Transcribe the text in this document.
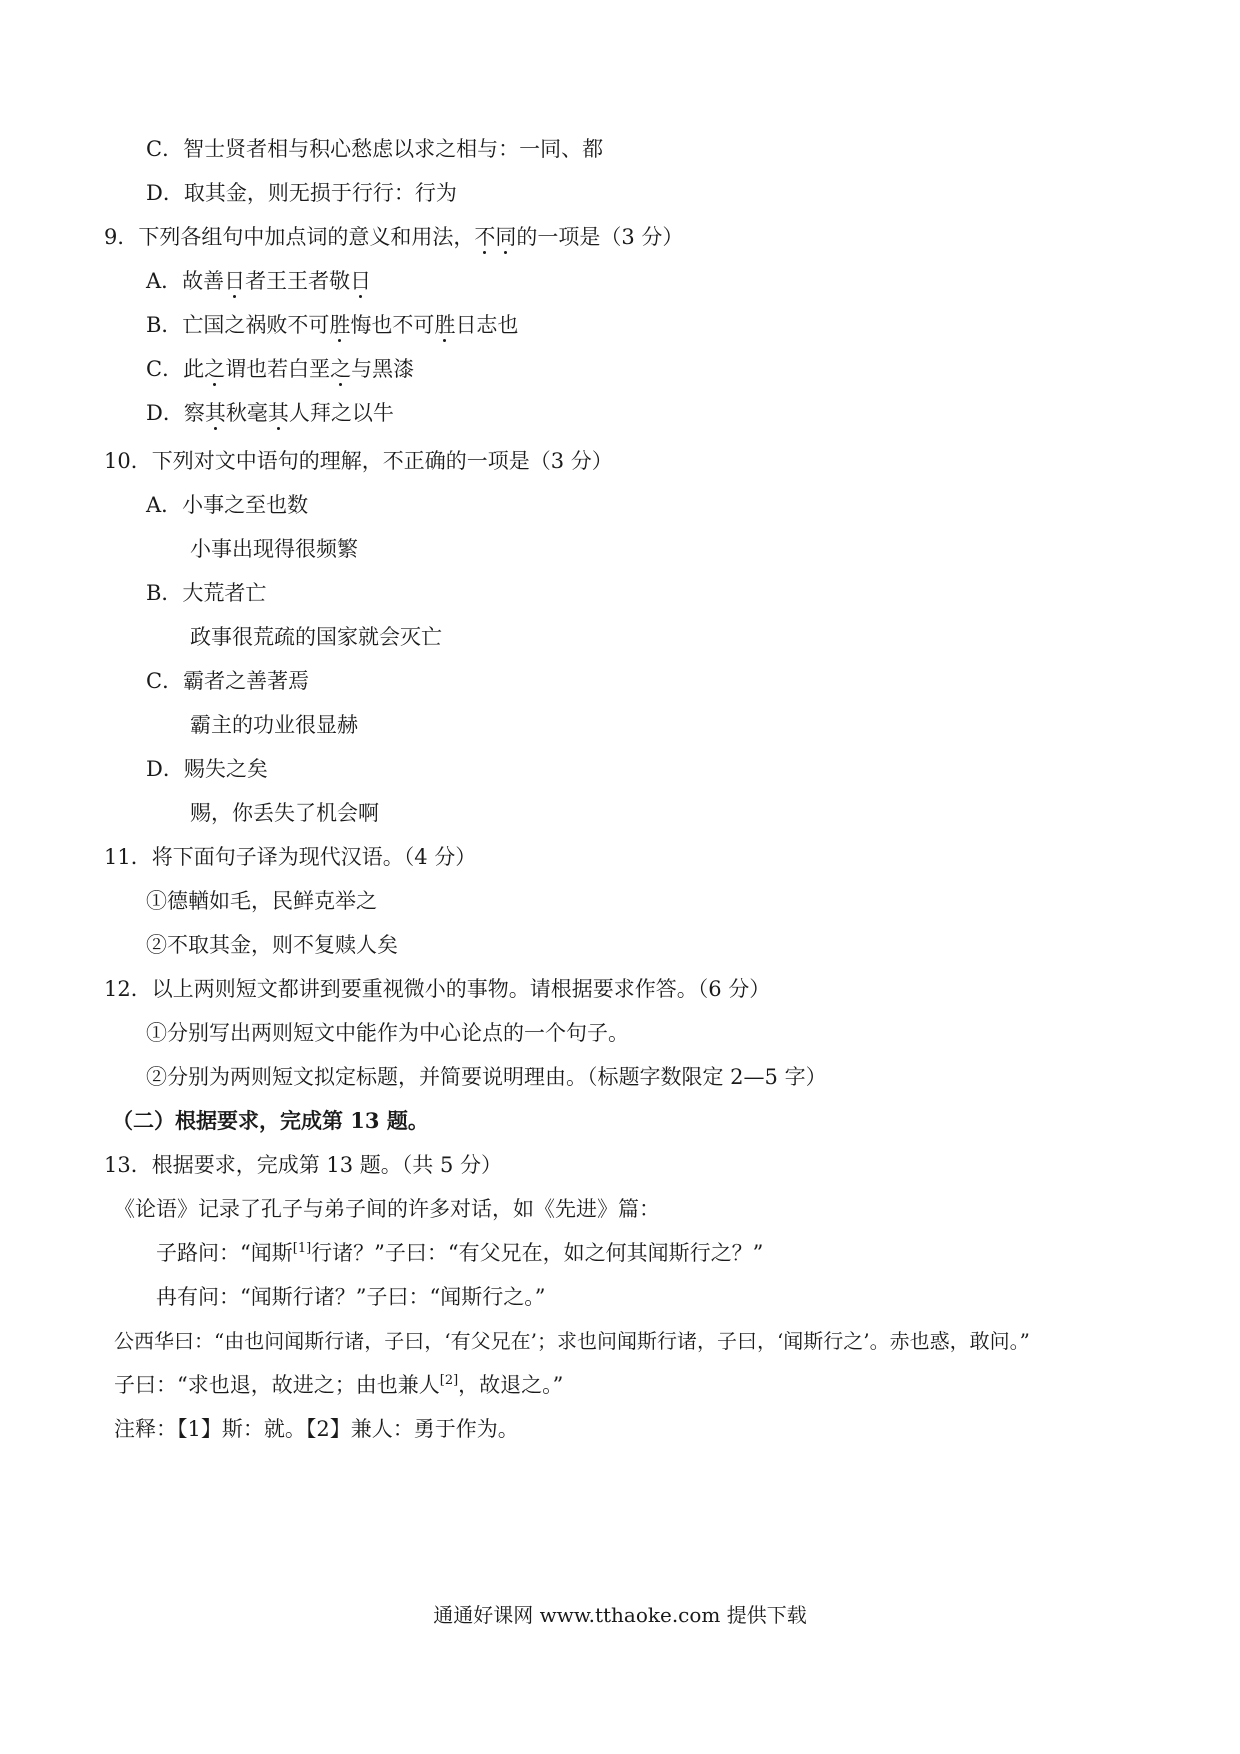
C．智士贤者相与积心愁虑以求之相与：一同、都
D．取其金，则无损于行行：行为
9．下列各组句中加点词的意义和用法，不同的一项是（3 分）
A．故善日者王王者敬日
B．亡国之祸败不可胜悔也不可胜日志也
C．此之谓也若白垩之与黑漆
D．察其秋毫其人拜之以牛
10．下列对文中语句的理解，不正确的一项是（3 分）
A．小事之至也数
小事出现得很频繁
B．大荒者亡
政事很荒疏的国家就会灭亡
C．霸者之善著焉
霸主的功业很显赫
D．赐失之矣
赐，你丢失了机会啊
11．将下面句子译为现代汉语。（4 分）
①德輶如毛，民鲜克举之
②不取其金，则不复赎人矣
12．以上两则短文都讲到要重视微小的事物。请根据要求作答。（6 分）
①分别写出两则短文中能作为中心论点的一个句子。
②分别为两则短文拟定标题，并简要说明理由。（标题字数限定 2—5 字）
（二）根据要求，完成第 13 题。
13．根据要求，完成第 13 题。（共 5 分）
《论语》记录了孔子与弟子间的许多对话，如《先进》篇：
子路问：“闻斯[1]行诸？”子曰：“有父兄在，如之何其闻斯行之？”
冉有问：“闻斯行诸？”子曰：“闻斯行之。”
公西华曰：“由也问闻斯行诸，子曰，‘有父兄在’；求也问闻斯行诸，子曰，‘闻斯行之’。赤也惑，敢问。”
子曰：“求也退，故进之；由也兼人[2]，故退之。”
注释：【1】斯：就。【2】兼人：勇于作为。
通通好课网 www.tthaoke.com 提供下载
